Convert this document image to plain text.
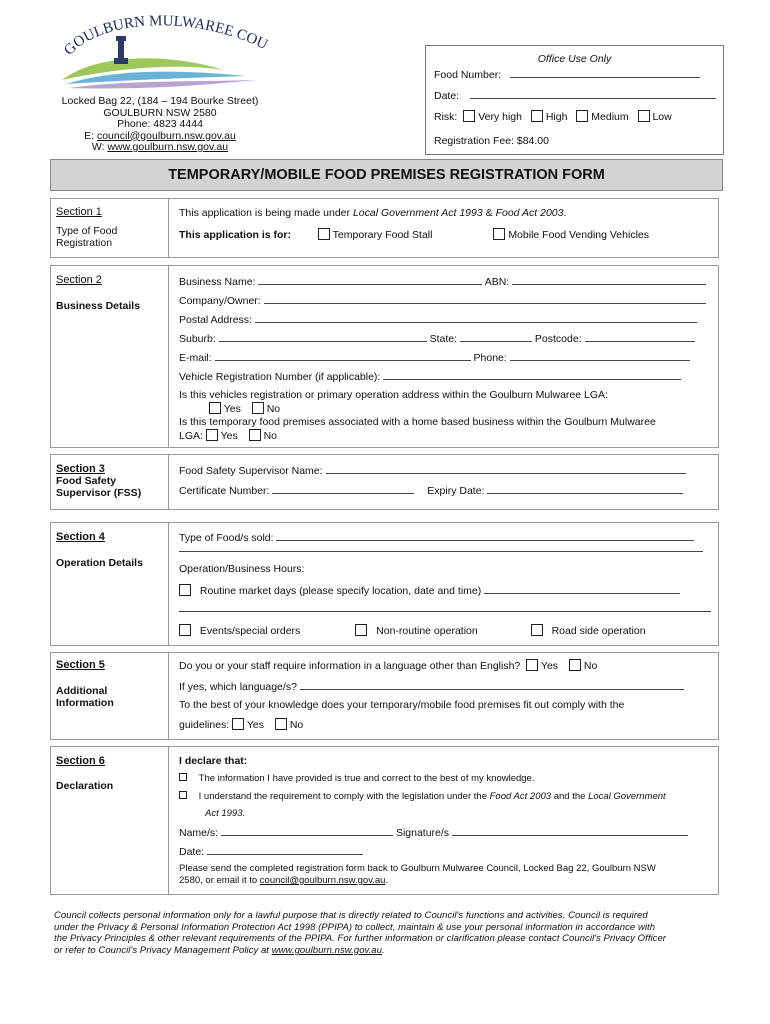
GOULBURN MULWAREE COU
Locked Bag 22, (184 – 194 Bourke Street)
GOULBURN NSW 2580
Phone: 4823 4444
E: council@goulburn.nsw.gov.au
W: www.goulburn.nsw.gov.au
Office Use Only
Food Number:
Date:
Risk: Very high High Medium Low
Registration Fee: $84.00
TEMPORARY/MOBILE FOOD PREMISES REGISTRATION FORM
Section 1
Type of Food Registration
This application is being made under Local Government Act 1993 & Food Act 2003.
This application is for:	Temporary Food Stall	Mobile Food Vending Vehicles
Section 2
Business Details
Business Name:	ABN:
Company/Owner:
Postal Address:
Suburb:	State:	Postcode:
E-mail:	Phone:
Vehicle Registration Number (if applicable):
Is this vehicles registration or primary operation address within the Goulburn Mulwaree LGA:
Yes No
Is this temporary food premises associated with a home based business within the Goulburn Mulwaree
LGA: Yes No
Section 3
Food Safety Supervisor (FSS)
Food Safety Supervisor Name:
Certificate Number:	Expiry Date:
Section 4
Operation Details
Type of Food/s sold:
Operation/Business Hours:
Routine market days (please specify location, date and time)
Events/special orders	Non-routine operation	Road side operation
Section 5
Additional Information
Do you or your staff require information in a language other than English? Yes No
If yes, which language/s?
To the best of your knowledge does your temporary/mobile food premises fit out comply with the
guidelines: Yes No
Section 6
Declaration
I declare that:
The information I have provided is true and correct to the best of my knowledge.
I understand the requirement to comply with the legislation under the Food Act 2003 and the Local Government
Act 1993.
Name/s:	Signature/s
Date:
Please send the completed registration form back to Goulburn Mulwaree Council, Locked Bag 22, Goulburn NSW
2580, or email it to council@goulburn.nsw.gov.au.
Council collects personal information only for a lawful purpose that is directly related to Council's functions and activities. Council is required
under the Privacy & Personal Information Protection Act 1998 (PPIPA) to collect, maintain & use your personal information in accordance with
the Privacy Principles & other relevant requirements of the PPIPA. For further information or clarification please contact Council's Privacy Officer
or refer to Council's Privacy Management Policy at www.goulburn.nsw.gov.au.
